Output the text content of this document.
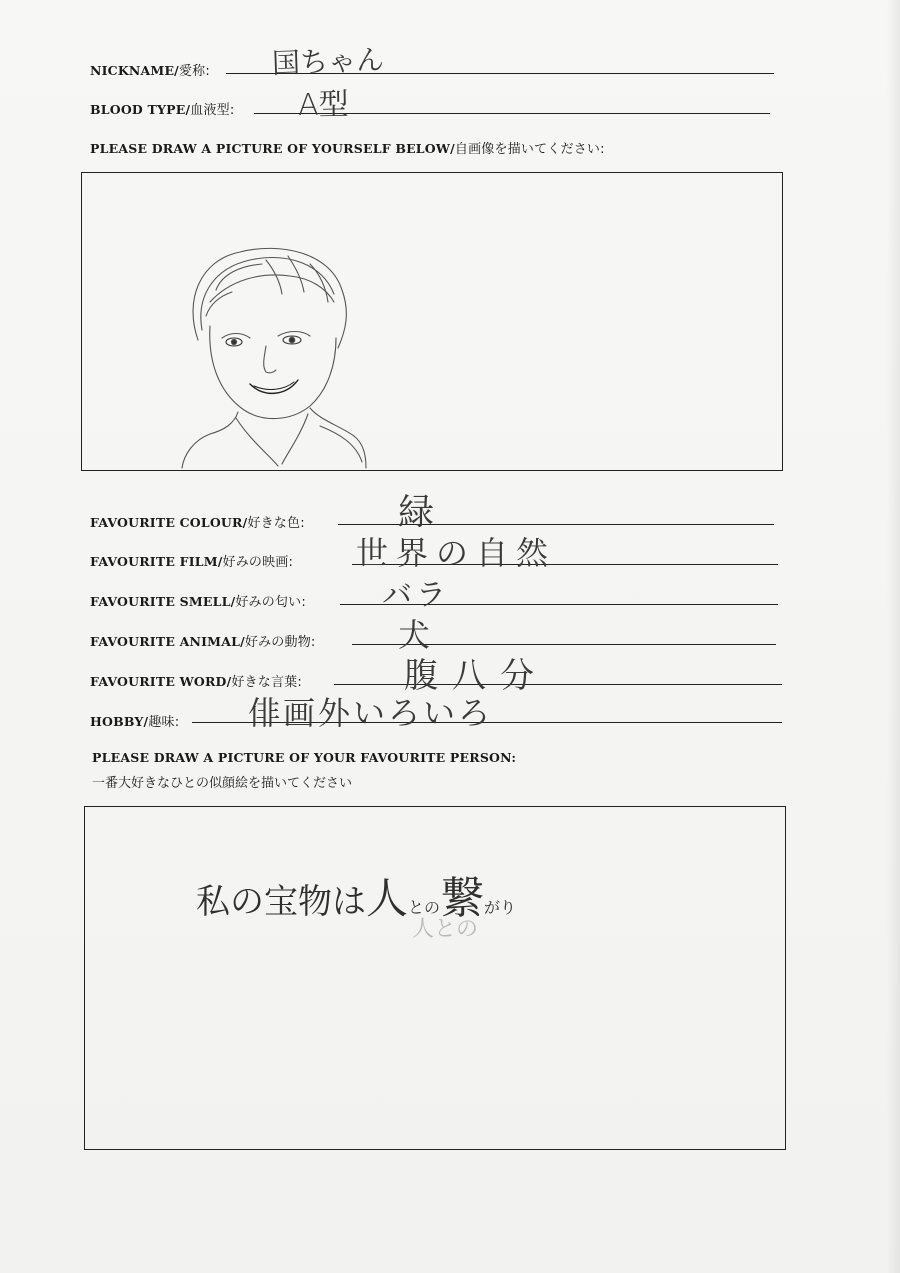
NICKNAME/愛称: 国ちゃん
BLOOD TYPE/血液型: A型
PLEASE DRAW A PICTURE OF YOURSELF BELOW/自画像を描いてください:
FAVOURITE COLOUR/好きな色:	緑
FAVOURITE FILM/好みの映画: 世界の自然
FAVOURITE SMELL/好みの匂い:	バラ
FAVOURITE ANIMAL/好みの動物:	犬
FAVOURITE WORD/好きな言葉:	腹八分
HOBBY/趣味: 俳画外いろいろ
PLEASE DRAW A PICTURE OF YOUR FAVOURITE PERSON:
一番大好きなひとの似顔絵を描いてください
私の宝物は人との繋がり
人との
